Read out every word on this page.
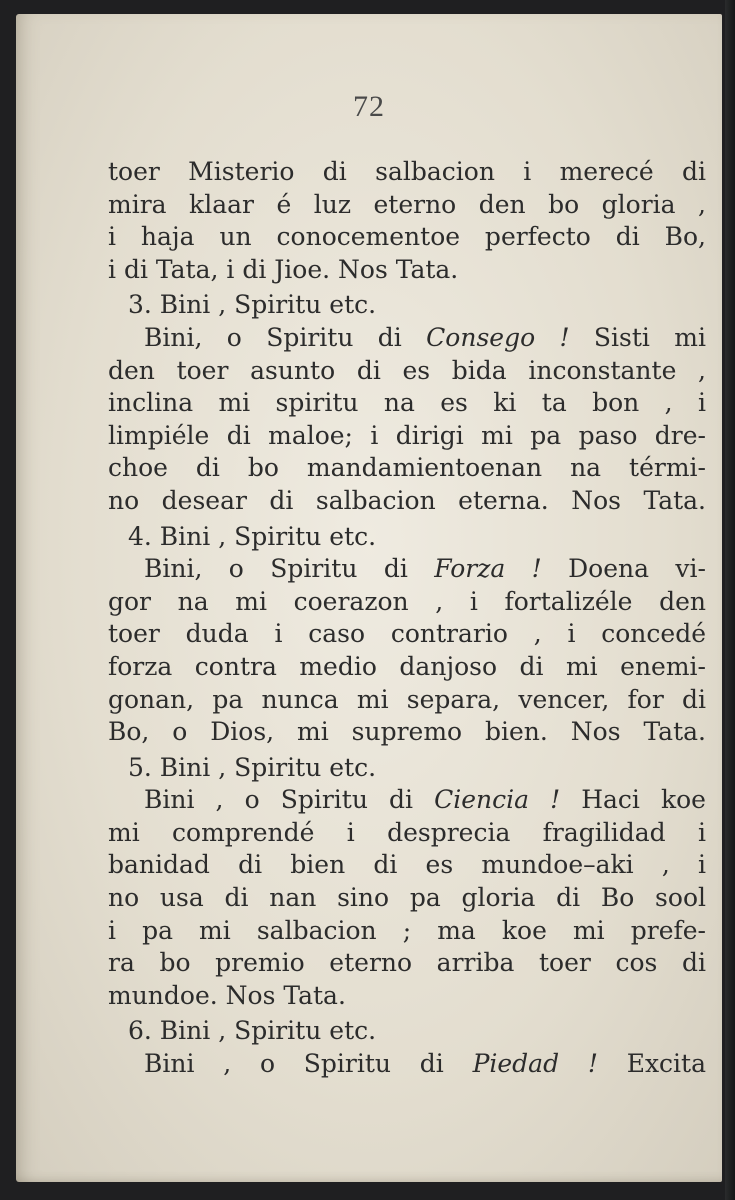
72
toer Misterio di salbacion i merecé di
mira klaar é luz eterno den bo gloria ,
i haja un conocementoe perfecto di Bo,
i di Tata, i di Jioe. Nos Tata.
3. Bini , Spiritu etc.
Bini, o Spiritu di Consego ! Sisti mi
den toer asunto di es bida inconstante ,
inclina mi spiritu na es ki ta bon , i
limpiéle di maloe; i dirigi mi pa paso dre-
choe di bo mandamientoenan na térmi-
no desear di salbacion eterna. Nos Tata.
4. Bini , Spiritu etc.
Bini, o Spiritu di Forza ! Doena vi-
gor na mi coerazon , i fortalizéle den
toer duda i caso contrario , i concedé
forza contra medio danjoso di mi enemi-
gonan, pa nunca mi separa, vencer, for di
Bo, o Dios, mi supremo bien. Nos Tata.
5. Bini , Spiritu etc.
Bini , o Spiritu di Ciencia ! Haci koe
mi comprendé i desprecia fragilidad i
banidad di bien di es mundoe–aki , i
no usa di nan sino pa gloria di Bo sool
i pa mi salbacion ; ma koe mi prefe-
ra bo premio eterno arriba toer cos di
mundoe. Nos Tata.
6. Bini , Spiritu etc.
Bini , o Spiritu di Piedad ! Excita
